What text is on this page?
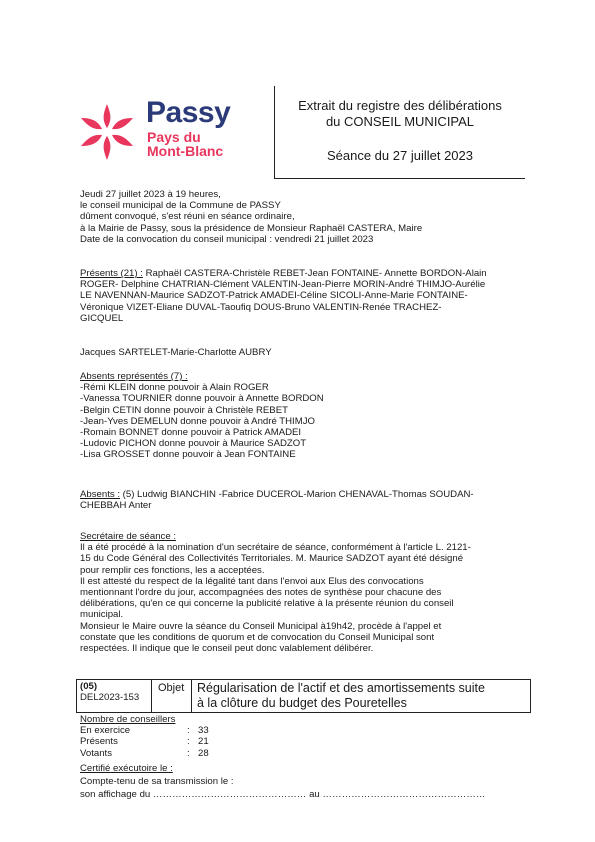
Passy
Pays du
Mont-Blanc
Extrait du registre des délibérations
du CONSEIL MUNICIPAL
Séance du 27 juillet 2023
Jeudi 27 juillet 2023 à 19 heures,
le conseil municipal de la Commune de PASSY
dûment convoqué, s'est réuni en séance ordinaire,
à la Mairie de Passy, sous la présidence de Monsieur Raphaël CASTERA, Maire
Date de la convocation du conseil municipal : vendredi 21 juillet 2023
Présents (21) : Raphaël CASTERA-Christèle REBET-Jean FONTAINE- Annette BORDON-Alain
ROGER- Delphine CHATRIAN-Clément VALENTIN-Jean-Pierre MORIN-André THIMJO-Aurélie
LE NAVENNAN-Maurice SADZOT-Patrick AMADEI-Céline SICOLI-Anne-Marie FONTAINE-
Véronique VIZET-Eliane DUVAL-Taoufiq DOUS-Bruno VALENTIN-Renée TRACHEZ-
GICQUEL
Jacques SARTELET-Marie-Charlotte AUBRY
Absents représentés (7) :
-Rémi KLEIN donne pouvoir à Alain ROGER
-Vanessa TOURNIER donne pouvoir à Annette BORDON
-Belgin CETIN donne pouvoir à Christèle REBET
-Jean-Yves DEMELUN donne pouvoir à André THIMJO
-Romain BONNET donne pouvoir à Patrick AMADEI
-Ludovic PICHON donne pouvoir à Maurice SADZOT
-Lisa GROSSET donne pouvoir à Jean FONTAINE
Absents : (5) Ludwig BIANCHIN -Fabrice DUCEROL-Marion CHENAVAL-Thomas SOUDAN-
CHEBBAH Anter
Secrétaire de séance :
Il a été procédé à la nomination d'un secrétaire de séance, conformément à l'article L. 2121-
15 du Code Général des Collectivités Territoriales. M. Maurice SADZOT ayant été désigné
pour remplir ces fonctions, les a acceptées.
Il est attesté du respect de la légalité tant dans l'envoi aux Elus des convocations
mentionnant l'ordre du jour, accompagnées des notes de synthèse pour chacune des
délibérations, qu'en ce qui concerne la publicité relative à la présente réunion du conseil
municipal.
Monsieur le Maire ouvre la séance du Conseil Municipal à19h42, procède à l'appel et
constate que les conditions de quorum et de convocation du Conseil Municipal sont
respectées. Il indique que le conseil peut donc valablement délibérer.
(05)
DEL2023-153
Objet Régularisation de l'actif et des amortissements suite
à la clôture du budget des Pouretelles
Nombre de conseillers
En exercice	: 33
Présents	: 21
Votants	: 28
Certifié exécutoire le :
Compte-tenu de sa transmission le :
son affichage du ………………………………………… au ……………………………………………
